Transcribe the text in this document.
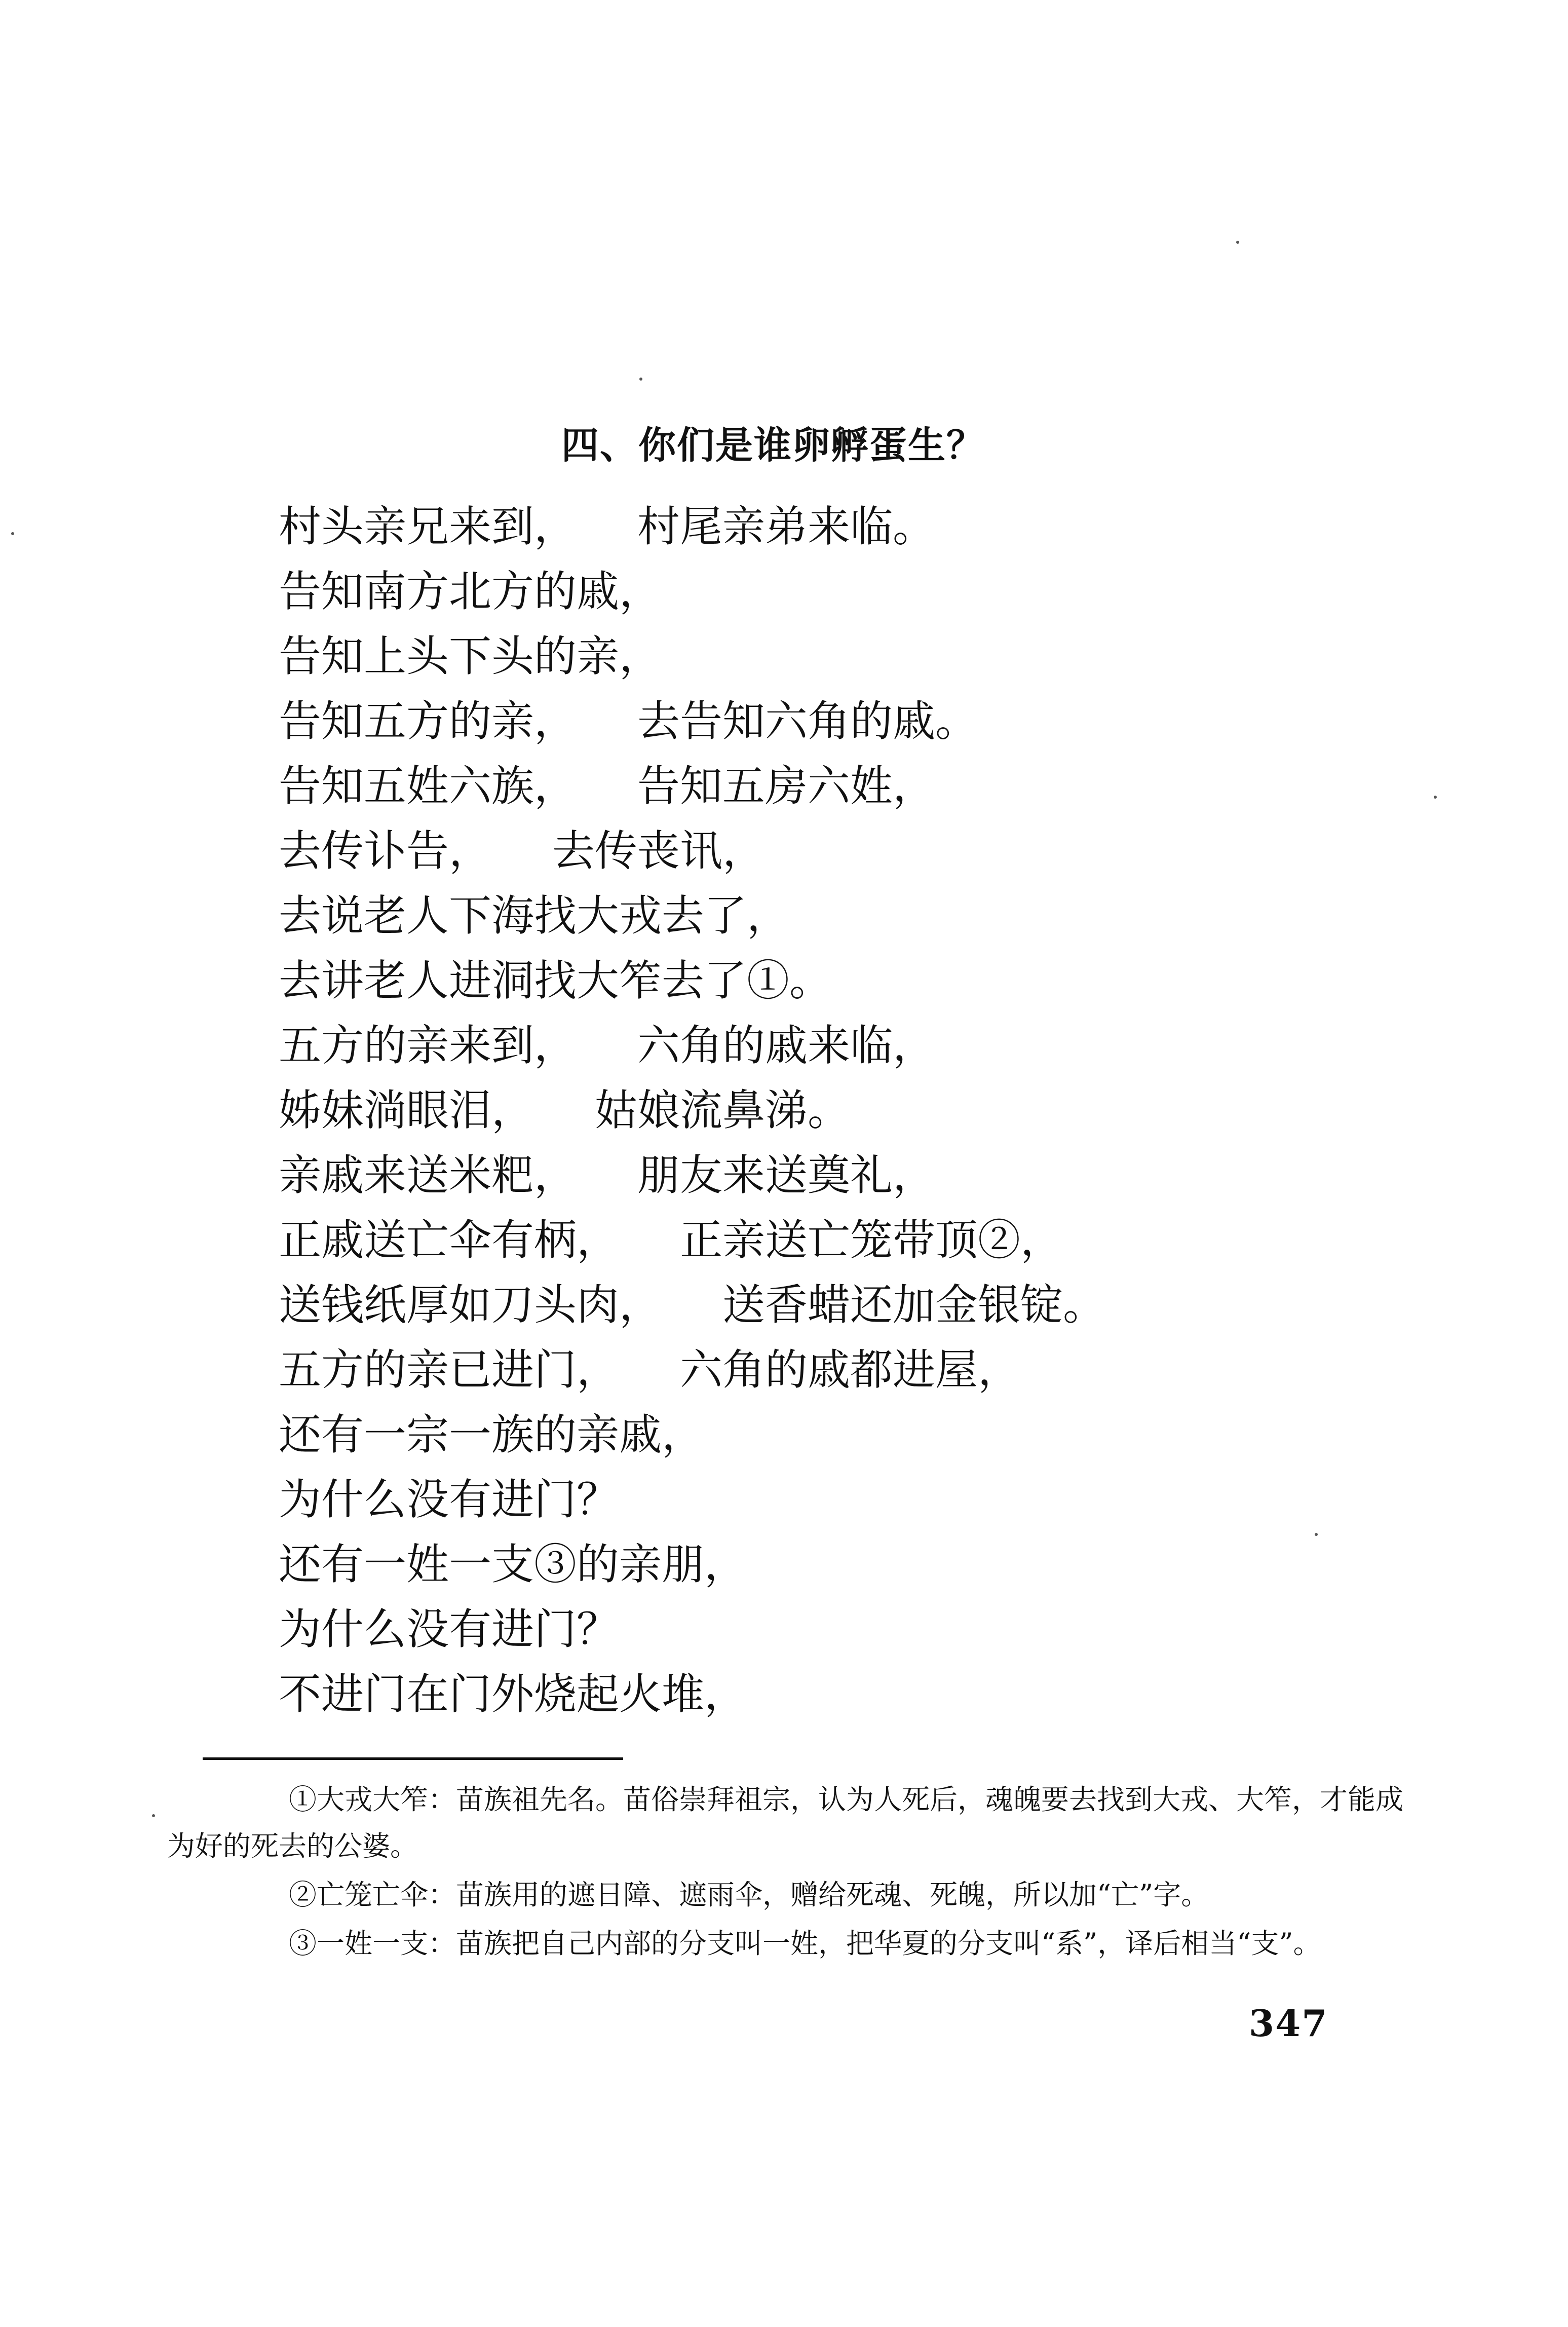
四、你们是谁卵孵蛋生？
村头亲兄来到， 村尾亲弟来临。
告知南方北方的戚，
告知上头下头的亲，
告知五方的亲， 去告知六角的戚。
告知五姓六族， 告知五房六姓，
去传讣告， 去传丧讯，
去说老人下海找大戎去了，
去讲老人进洞找大笮去了①。
五方的亲来到， 六角的戚来临，
姊妹淌眼泪， 姑娘流鼻涕。
亲戚来送米粑， 朋友来送奠礼，
正戚送亡伞有柄， 正亲送亡笼带顶②，
送钱纸厚如刀头肉， 送香蜡还加金银锭。
五方的亲已进门， 六角的戚都进屋，
还有一宗一族的亲戚，
为什么没有进门？
还有一姓一支③的亲朋，
为什么没有进门？
不进门在门外烧起火堆，

①大戎大笮：苗族祖先名。苗俗崇拜祖宗，认为人死后，魂魄要去找到大戎、大笮，才能成为好的死去的公婆。

②亡笼亡伞：苗族用的遮日障、遮雨伞，赠给死魂、死魄，所以加“亡”字。

③一姓一支：苗族把自己内部的分支叫一姓，把华夏的分支叫“系”，译后相当“支”。

347
